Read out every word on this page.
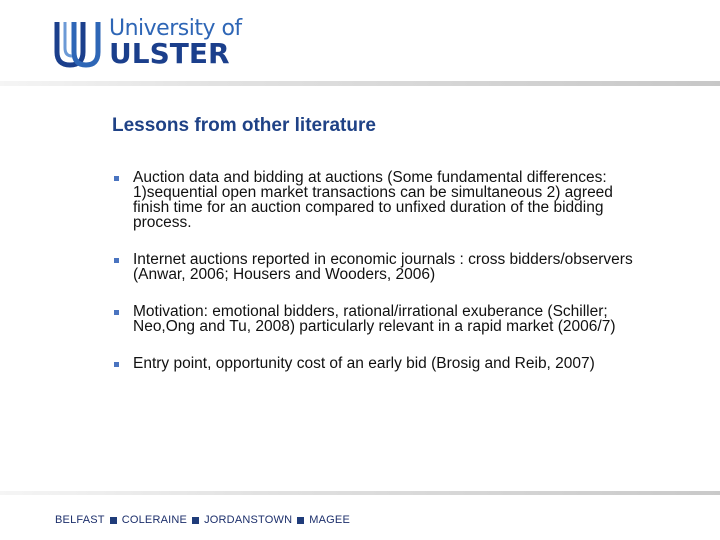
University of
ULSTER
Lessons from other literature
Auction data and bidding at auctions (Some fundamental differences: 1)sequential open market transactions can be simultaneous 2) agreed finish time for an auction compared to unfixed duration of the bidding process.
Internet auctions reported in economic journals : cross bidders/observers (Anwar, 2006; Housers and Wooders, 2006)
Motivation: emotional bidders, rational/irrational exuberance (Schiller; Neo,Ong and Tu, 2008) particularly relevant in a rapid market (2006/7)
Entry point, opportunity cost of an early bid (Brosig and Reib, 2007)
BELFAST COLERAINE JORDANSTOWN MAGEE
